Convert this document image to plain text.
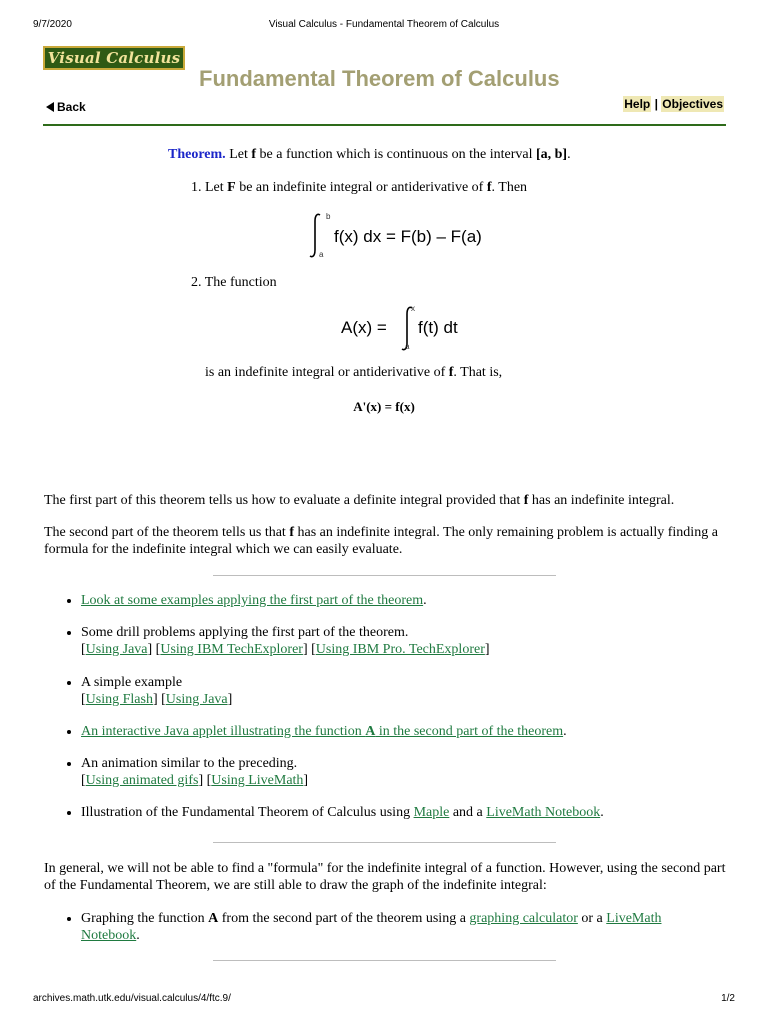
9/7/2020	Visual Calculus - Fundamental Theorem of Calculus
Visual Calculus
Fundamental Theorem of Calculus
Back	Help | Objectives
Theorem. Let f be a function which is continuous on the interval [a, b].
1. Let F be an indefinite integral or antiderivative of f. Then
b
a
f(x) dx = F(b) – F(a)
2. The function
A(x) =
x
a
f(t) dt
is an indefinite integral or antiderivative of f. That is,
A'(x) = f(x)
The first part of this theorem tells us how to evaluate a definite integral provided that f has an indefinite integral.
The second part of the theorem tells us that f has an indefinite integral. The only remaining problem is actually finding a formula for the indefinite integral which we can easily evaluate.
• Look at some examples applying the first part of the theorem.
• Some drill problems applying the first part of the theorem.
[Using Java] [Using IBM TechExplorer] [Using IBM Pro. TechExplorer]
• A simple example
[Using Flash] [Using Java]
• An interactive Java applet illustrating the function A in the second part of the theorem.
• An animation similar to the preceding.
[Using animated gifs] [Using LiveMath]
• Illustration of the Fundamental Theorem of Calculus using Maple and a LiveMath Notebook.
In general, we will not be able to find a "formula" for the indefinite integral of a function. However, using the second part of the Fundamental Theorem, we are still able to draw the graph of the indefinite integral:
• Graphing the function A from the second part of the theorem using a graphing calculator or a LiveMath Notebook.
archives.math.utk.edu/visual.calculus/4/ftc.9/	1/2
